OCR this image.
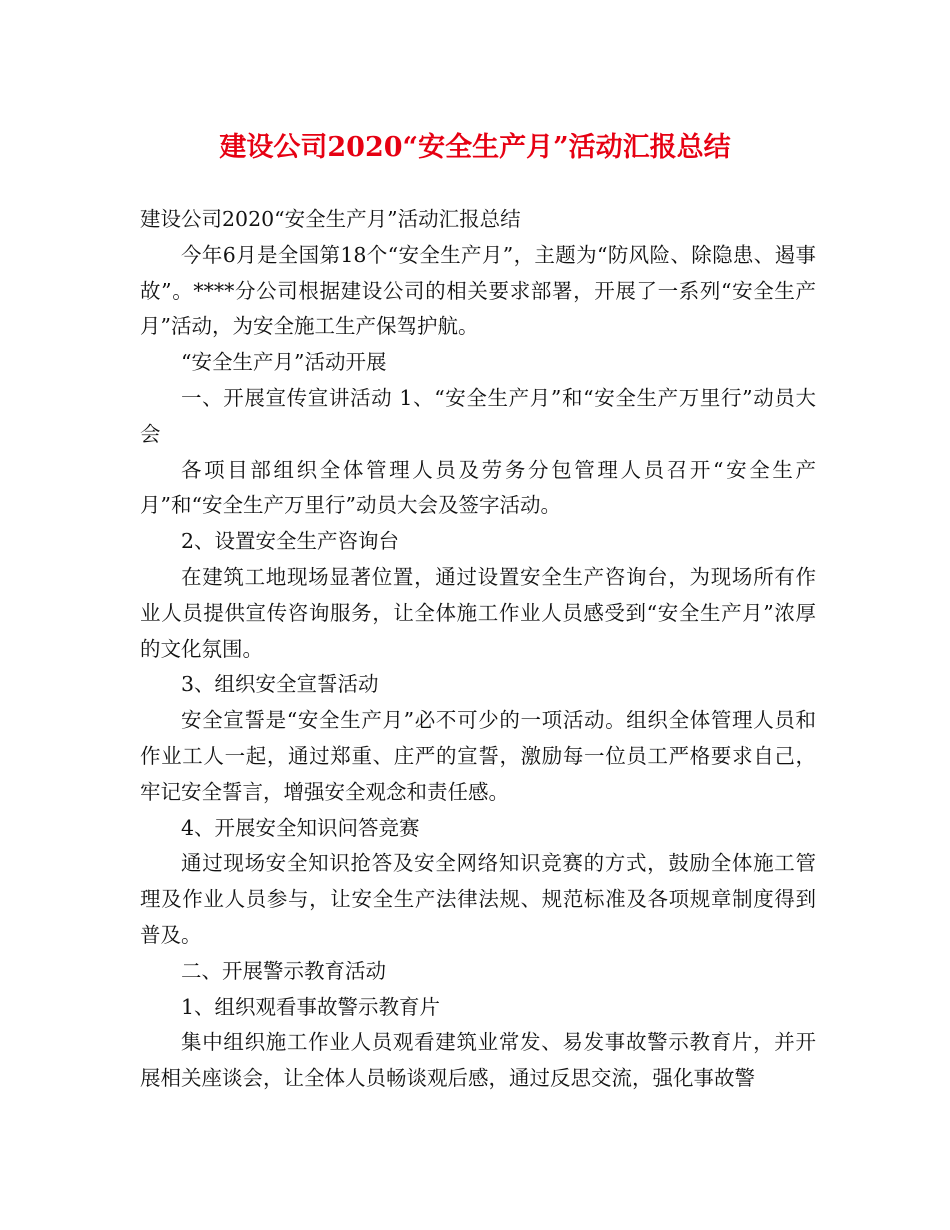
建设公司2020“安全生产月”活动汇报总结

建设公司2020“安全生产月”活动汇报总结

今年6月是全国第18个“安全生产月”，主题为“防风险、除隐患、遏事故”。****分公司根据建设公司的相关要求部署，开展了一系列“安全生产月”活动，为安全施工生产保驾护航。

“安全生产月”活动开展

一、开展宣传宣讲活动 1、“安全生产月”和“安全生产万里行”动员大会

各项目部组织全体管理人员及劳务分包管理人员召开“安全生产月”和“安全生产万里行”动员大会及签字活动。

2、设置安全生产咨询台

在建筑工地现场显著位置，通过设置安全生产咨询台，为现场所有作业人员提供宣传咨询服务，让全体施工作业人员感受到“安全生产月”浓厚的文化氛围。

3、组织安全宣誓活动

安全宣誓是“安全生产月”必不可少的一项活动。组织全体管理人员和作业工人一起，通过郑重、庄严的宣誓，激励每一位员工严格要求自己，牢记安全誓言，增强安全观念和责任感。

4、开展安全知识问答竞赛

通过现场安全知识抢答及安全网络知识竞赛的方式，鼓励全体施工管理及作业人员参与，让安全生产法律法规、规范标准及各项规章制度得到普及。

二、开展警示教育活动

1、组织观看事故警示教育片

集中组织施工作业人员观看建筑业常发、易发事故警示教育片，并开展相关座谈会，让全体人员畅谈观后感，通过反思交流，强化事故警
